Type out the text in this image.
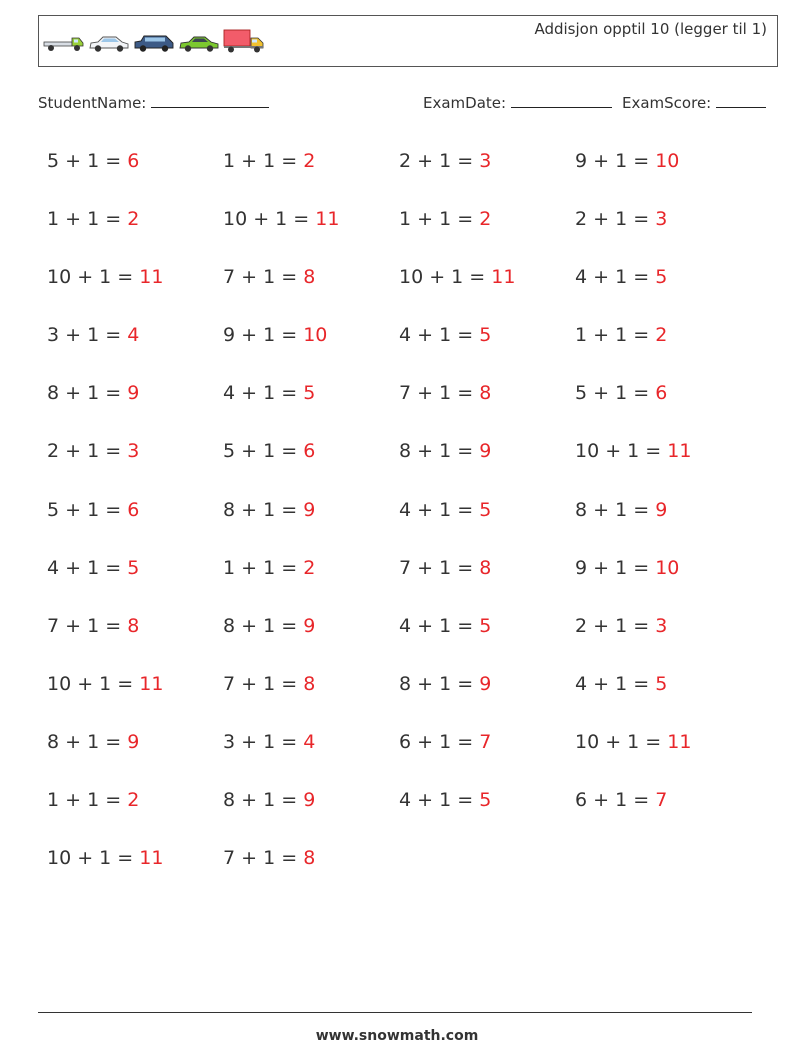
Addisjon opptil 10 (legger til 1)
StudentName:	ExamDate:	ExamScore:
5 + 1 = 6	1 + 1 = 2	2 + 1 = 3	9 + 1 = 10
1 + 1 = 2	10 + 1 = 11	1 + 1 = 2	2 + 1 = 3
10 + 1 = 11	7 + 1 = 8	10 + 1 = 11	4 + 1 = 5
3 + 1 = 4	9 + 1 = 10	4 + 1 = 5	1 + 1 = 2
8 + 1 = 9	4 + 1 = 5	7 + 1 = 8	5 + 1 = 6
2 + 1 = 3	5 + 1 = 6	8 + 1 = 9	10 + 1 = 11
5 + 1 = 6	8 + 1 = 9	4 + 1 = 5	8 + 1 = 9
4 + 1 = 5	1 + 1 = 2	7 + 1 = 8	9 + 1 = 10
7 + 1 = 8	8 + 1 = 9	4 + 1 = 5	2 + 1 = 3
10 + 1 = 11	7 + 1 = 8	8 + 1 = 9	4 + 1 = 5
8 + 1 = 9	3 + 1 = 4	6 + 1 = 7	10 + 1 = 11
1 + 1 = 2	8 + 1 = 9	4 + 1 = 5	6 + 1 = 7
10 + 1 = 11	7 + 1 = 8
www.snowmath.com
